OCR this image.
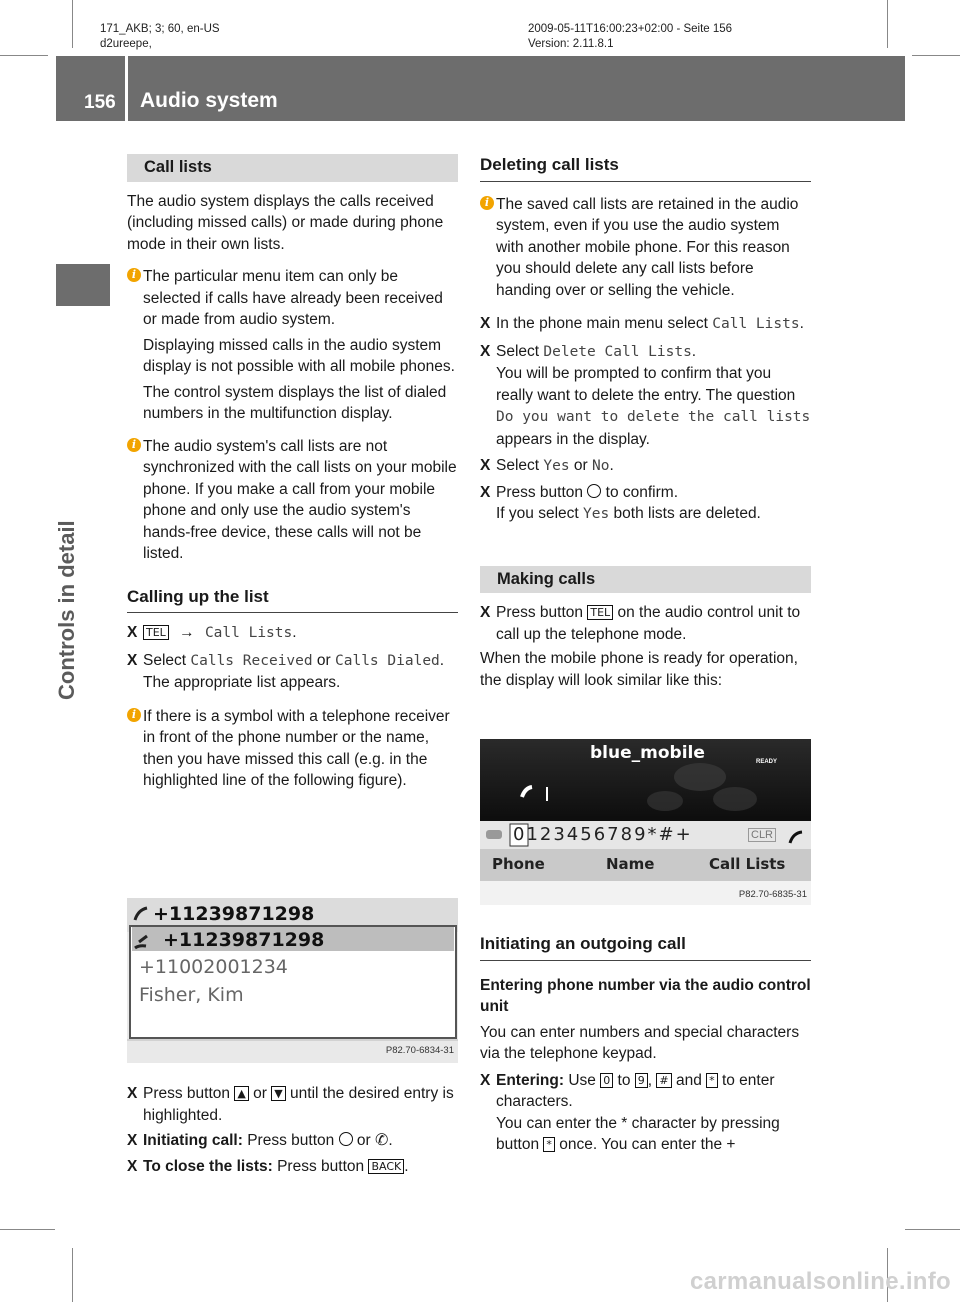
171_AKB; 3; 60, en-US
d2ureepe,
2009-05-11T16:00:23+02:00 - Seite 156
Version: 2.11.8.1
156 Audio system
Controls in detail
Call lists

The audio system displays the calls received (including missed calls) or made during phone mode in their own lists.

i The particular menu item can only be selected if calls have already been received or made from audio system.

Displaying missed calls in the audio system display is not possible with all mobile phones.

The control system displays the list of dialed numbers in the multifunction display.

i The audio system's call lists are not synchronized with the call lists on your mobile phone. If you make a call from your mobile phone and only use the audio system's hands-free device, these calls will not be listed.

Calling up the list
X TEL → Call Lists.
X Select Calls Received or Calls Dialed.

The appropriate list appears.

i If there is a symbol with a telephone receiver in front of the phone number or the name, then you have missed this call (e.g. in the highlighted line of the following figure).

+11239871298
+11239871298
+11002001234
Fisher, Kim
P82.70-6834-31
X Press button ▲ or ▼ until the desired entry is highlighted.
X Initiating call: Press button or ✆.
X To close the lists: Press button BACK .
Deleting call lists
i The saved call lists are retained in the audio system, even if you use the audio system with another mobile phone. For this reason you should delete any call lists before handing over or selling the vehicle.

X In the phone main menu select Call Lists.
X Select Delete Call Lists.

You will be prompted to confirm that you really want to delete the entry. The question Do you want to delete the call lists appears in the display.

X Select Yes or No.
X Press button to confirm.

If you select Yes both lists are deleted.

Making calls
X Press button TEL on the audio control unit to call up the telephone mode.

When the mobile phone is ready for operation, the display will look similar like this:

blue_mobile	READY
0123456789*#+	CLR
Phone	Name	Call Lists
P82.70-6835-31
Initiating an outgoing call
Entering phone number via the audio control unit

You can enter numbers and special characters via the telephone keypad.

X Entering: Use 0 to 9 , # and * to enter characters.

You can enter the * character by pressing button * once. You can enter the +

carmanualsonline.info
